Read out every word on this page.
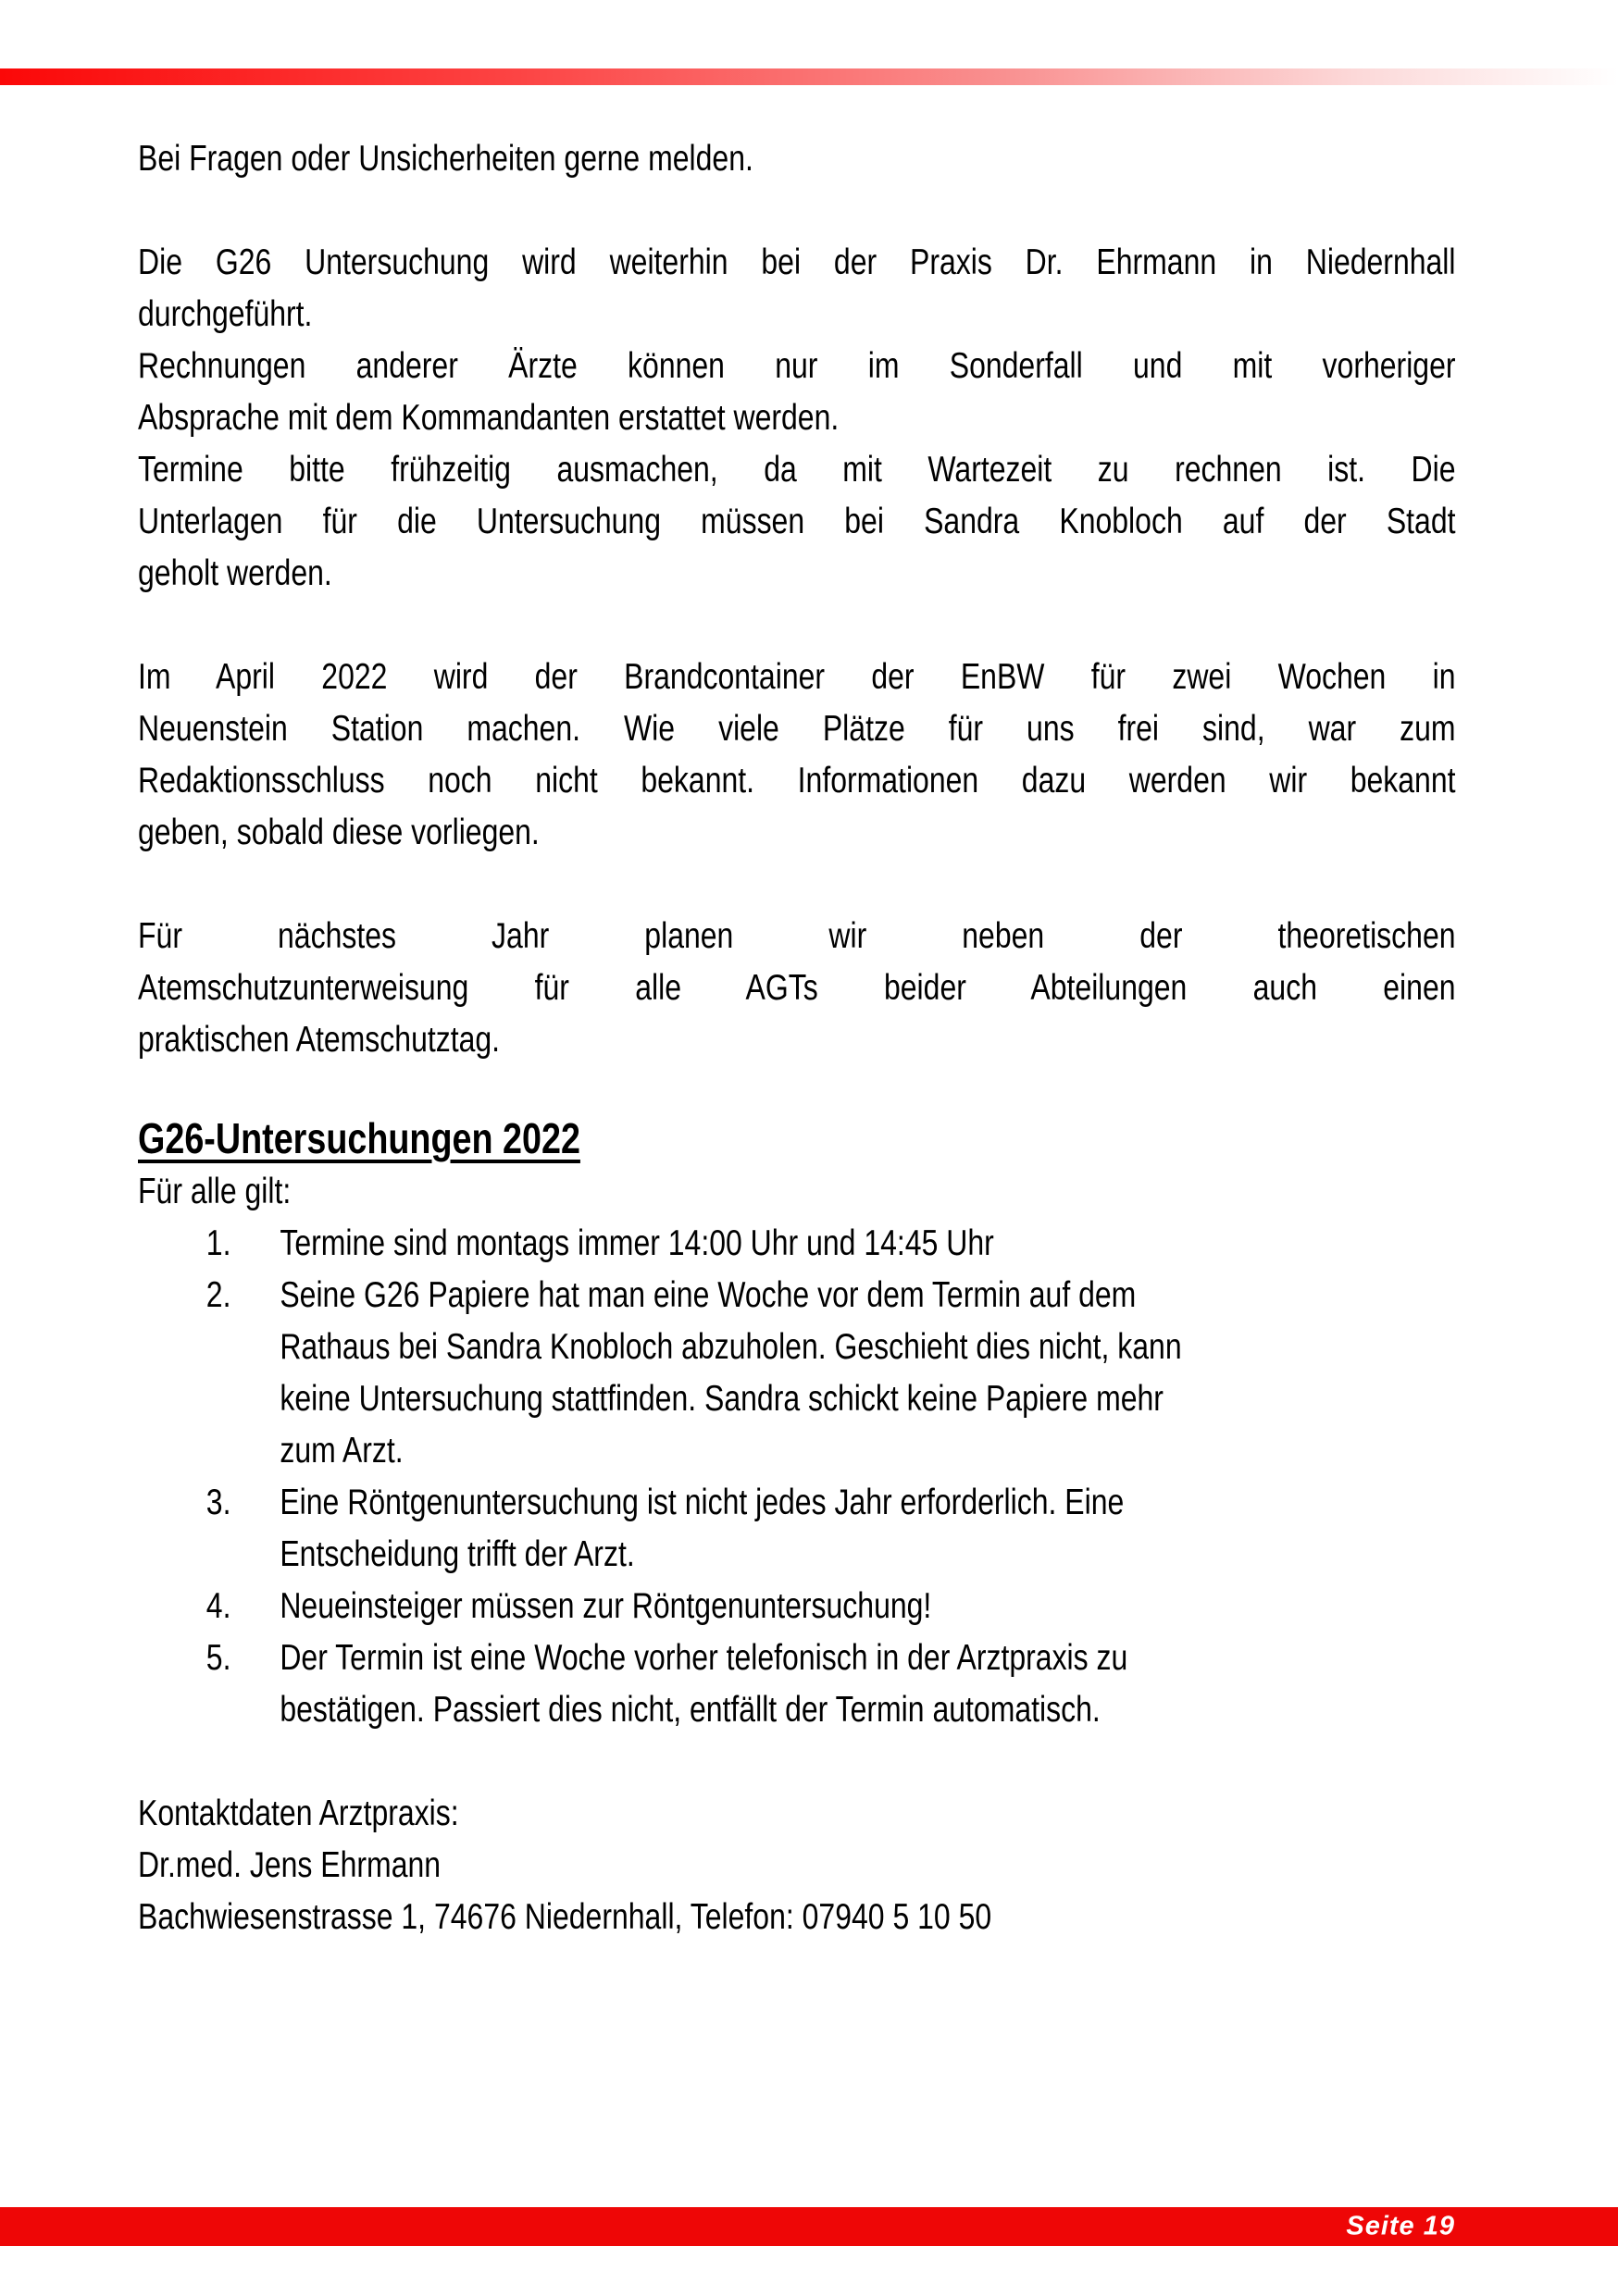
Bei Fragen oder Unsicherheiten gerne melden.
Die G26 Untersuchung wird weiterhin bei der Praxis Dr. Ehrmann in Niedernhall
durchgeführt.
Rechnungen anderer Ärzte können nur im Sonderfall und mit vorheriger
Absprache mit dem Kommandanten erstattet werden.
Termine bitte frühzeitig ausmachen, da mit Wartezeit zu rechnen ist. Die
Unterlagen für die Untersuchung müssen bei Sandra Knobloch auf der Stadt
geholt werden.
Im April 2022 wird der Brandcontainer der EnBW für zwei Wochen in
Neuenstein Station machen. Wie viele Plätze für uns frei sind, war zum
Redaktionsschluss noch nicht bekannt. Informationen dazu werden wir bekannt
geben, sobald diese vorliegen.
Für nächstes Jahr planen wir neben der theoretischen
Atemschutzunterweisung für alle AGTs beider Abteilungen auch einen
praktischen Atemschutztag.
G26-Untersuchungen 2022
Für alle gilt:
1. Termine sind montags immer 14:00 Uhr und 14:45 Uhr
2. Seine G26 Papiere hat man eine Woche vor dem Termin auf dem
Rathaus bei Sandra Knobloch abzuholen. Geschieht dies nicht, kann
keine Untersuchung stattfinden. Sandra schickt keine Papiere mehr
zum Arzt.
3. Eine Röntgenuntersuchung ist nicht jedes Jahr erforderlich. Eine
Entscheidung trifft der Arzt.
4. Neueinsteiger müssen zur Röntgenuntersuchung!
5. Der Termin ist eine Woche vorher telefonisch in der Arztpraxis zu
bestätigen. Passiert dies nicht, entfällt der Termin automatisch.
Kontaktdaten Arztpraxis:
Dr.med. Jens Ehrmann
Bachwiesenstrasse 1, 74676 Niedernhall, Telefon: 07940 5 10 50
Seite 19
